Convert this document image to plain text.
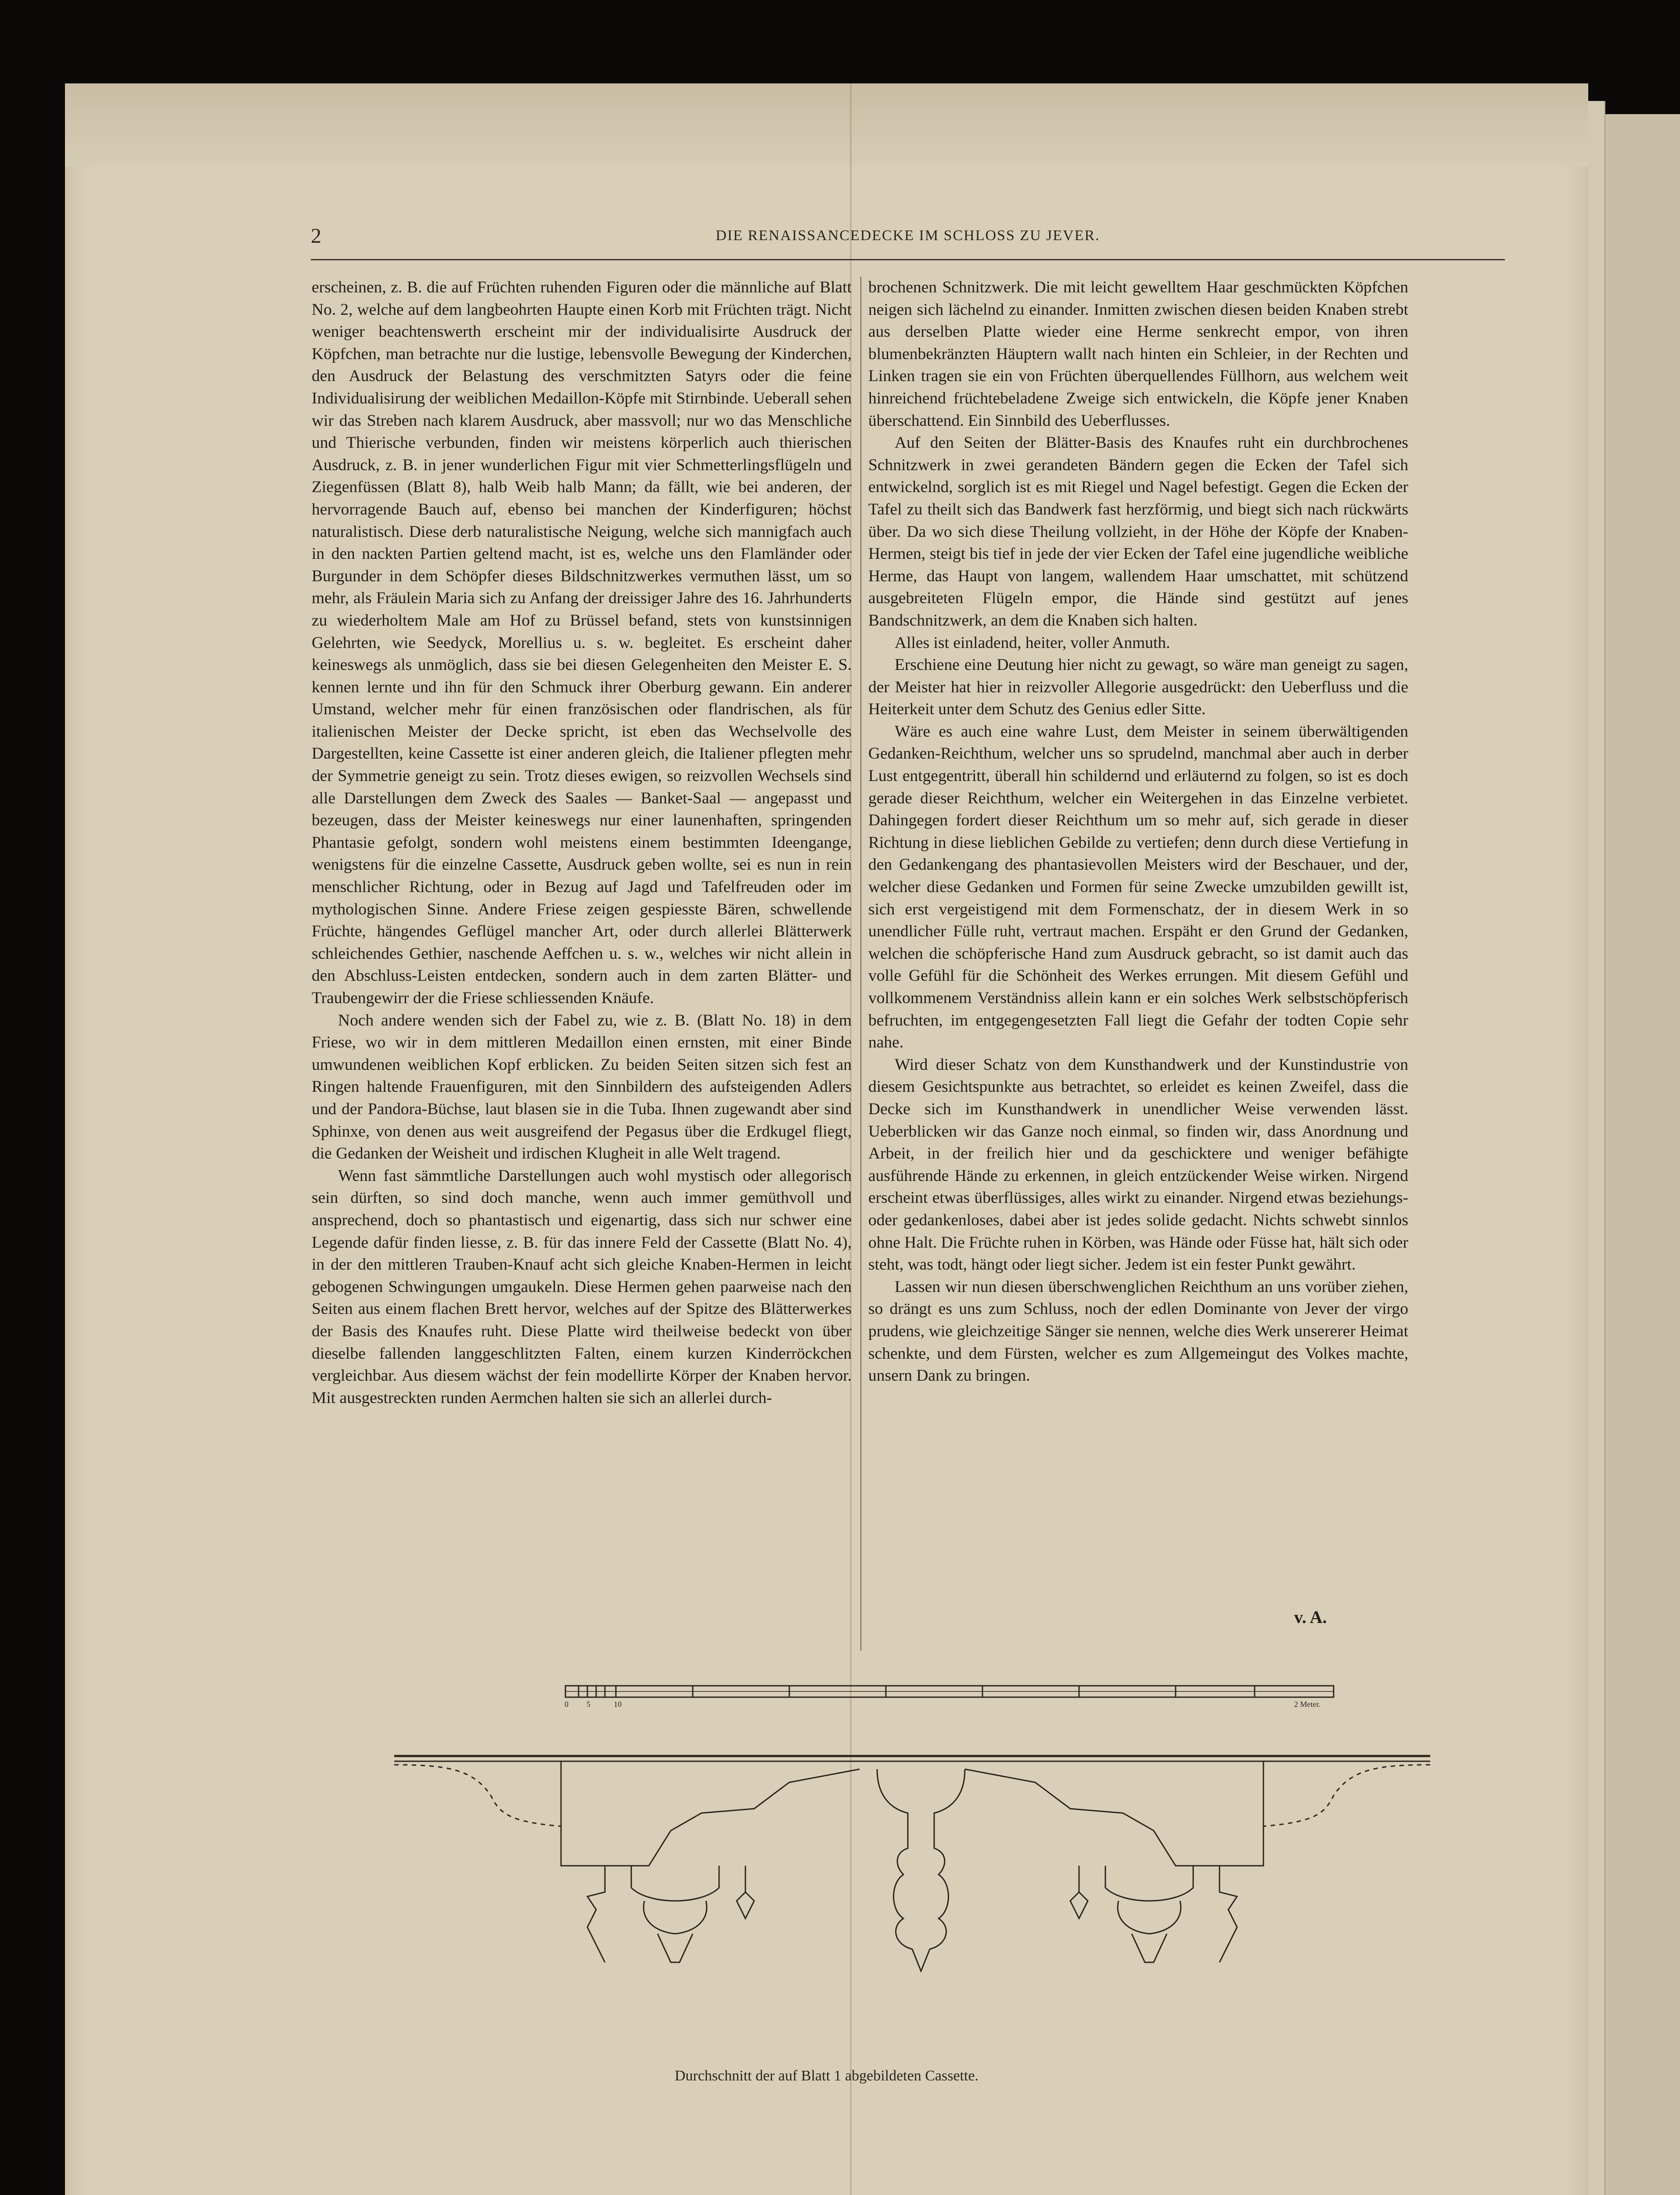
2	DIE RENAISSANCEDECKE IM SCHLOSS ZU JEVER.

erscheinen, z. B. die auf Früchten ruhenden Figuren oder die männliche auf Blatt No. 2, welche auf dem langbeohrten Haupte einen Korb mit Früchten trägt. Nicht weniger beachtenswerth erscheint mir der individualisirte Ausdruck der Köpfchen, man betrachte nur die lustige, lebensvolle Bewegung der Kinderchen, den Ausdruck der Belastung des verschmitzten Satyrs oder die feine Individualisirung der weiblichen Medaillon-Köpfe mit Stirnbinde. Ueberall sehen wir das Streben nach klarem Ausdruck, aber massvoll; nur wo das Menschliche und Thierische verbunden, finden wir meistens körperlich auch thierischen Ausdruck, z. B. in jener wunderlichen Figur mit vier Schmetterlingsflügeln und Ziegenfüssen (Blatt 8), halb Weib halb Mann; da fällt, wie bei anderen, der hervorragende Bauch auf, ebenso bei manchen der Kinderfiguren; höchst naturalistisch. Diese derb naturalistische Neigung, welche sich mannigfach auch in den nackten Partien geltend macht, ist es, welche uns den Flamländer oder Burgunder in dem Schöpfer dieses Bildschnitzwerkes vermuthen lässt, um so mehr, als Fräulein Maria sich zu Anfang der dreissiger Jahre des 16. Jahrhunderts zu wiederholtem Male am Hof zu Brüssel befand, stets von kunstsinnigen Gelehrten, wie Seedyck, Morellius u. s. w. begleitet. Es erscheint daher keineswegs als unmöglich, dass sie bei diesen Gelegenheiten den Meister E. S. kennen lernte und ihn für den Schmuck ihrer Oberburg gewann. Ein anderer Umstand, welcher mehr für einen französischen oder flandrischen, als für italienischen Meister der Decke spricht, ist eben das Wechselvolle des Dargestellten, keine Cassette ist einer anderen gleich, die Italiener pflegten mehr der Symmetrie geneigt zu sein. Trotz dieses ewigen, so reizvollen Wechsels sind alle Darstellungen dem Zweck des Saales — Banket-Saal — angepasst und bezeugen, dass der Meister keineswegs nur einer launenhaften, springenden Phantasie gefolgt, sondern wohl meistens einem bestimmten Ideengange, wenigstens für die einzelne Cassette, Ausdruck geben wollte, sei es nun in rein menschlicher Richtung, oder in Bezug auf Jagd und Tafelfreuden oder im mythologischen Sinne. Andere Friese zeigen gespiesste Bären, schwellende Früchte, hängendes Geflügel mancher Art, oder durch allerlei Blätterwerk schleichendes Gethier, naschende Aeffchen u. s. w., welches wir nicht allein in den Abschluss-Leisten entdecken, sondern auch in dem zarten Blätter- und Traubengewirr der die Friese schliessenden Knäufe.

Noch andere wenden sich der Fabel zu, wie z. B. (Blatt No. 18) in dem Friese, wo wir in dem mittleren Medaillon einen ernsten, mit einer Binde umwundenen weiblichen Kopf erblicken. Zu beiden Seiten sitzen sich fest an Ringen haltende Frauenfiguren, mit den Sinnbildern des aufsteigenden Adlers und der Pandora-Büchse, laut blasen sie in die Tuba. Ihnen zugewandt aber sind Sphinxe, von denen aus weit ausgreifend der Pegasus über die Erdkugel fliegt, die Gedanken der Weisheit und irdischen Klugheit in alle Welt tragend.

Wenn fast sämmtliche Darstellungen auch wohl mystisch oder allegorisch sein dürften, so sind doch manche, wenn auch immer gemüthvoll und ansprechend, doch so phantastisch und eigenartig, dass sich nur schwer eine Legende dafür finden liesse, z. B. für das innere Feld der Cassette (Blatt No. 4), in der den mittleren Trauben-Knauf acht sich gleiche Knaben-Hermen in leicht gebogenen Schwingungen umgaukeln. Diese Hermen gehen paarweise nach den Seiten aus einem flachen Brett hervor, welches auf der Spitze des Blätterwerkes der Basis des Knaufes ruht. Diese Platte wird theilweise bedeckt von über dieselbe fallenden langgeschlitzten Falten, einem kurzen Kinderröckchen vergleichbar. Aus diesem wächst der fein modellirte Körper der Knaben hervor. Mit ausgestreckten runden Aermchen halten sie sich an allerlei durch-

brochenen Schnitzwerk. Die mit leicht gewelltem Haar geschmückten Köpfchen neigen sich lächelnd zu einander. Inmitten zwischen diesen beiden Knaben strebt aus derselben Platte wieder eine Herme senkrecht empor, von ihren blumenbekränzten Häuptern wallt nach hinten ein Schleier, in der Rechten und Linken tragen sie ein von Früchten überquellendes Füllhorn, aus welchem weit hinreichend früchtebeladene Zweige sich entwickeln, die Köpfe jener Knaben überschattend. Ein Sinnbild des Ueberflusses.

Auf den Seiten der Blätter-Basis des Knaufes ruht ein durchbrochenes Schnitzwerk in zwei gerandeten Bändern gegen die Ecken der Tafel sich entwickelnd, sorglich ist es mit Riegel und Nagel befestigt. Gegen die Ecken der Tafel zu theilt sich das Bandwerk fast herzförmig, und biegt sich nach rückwärts über. Da wo sich diese Theilung vollzieht, in der Höhe der Köpfe der Knaben-Hermen, steigt bis tief in jede der vier Ecken der Tafel eine jugendliche weibliche Herme, das Haupt von langem, wallendem Haar umschattet, mit schützend ausgebreiteten Flügeln empor, die Hände sind gestützt auf jenes Bandschnitzwerk, an dem die Knaben sich halten.

Alles ist einladend, heiter, voller Anmuth.

Erschiene eine Deutung hier nicht zu gewagt, so wäre man geneigt zu sagen, der Meister hat hier in reizvoller Allegorie ausgedrückt: den Ueberfluss und die Heiterkeit unter dem Schutz des Genius edler Sitte.

Wäre es auch eine wahre Lust, dem Meister in seinem überwältigenden Gedanken-Reichthum, welcher uns so sprudelnd, manchmal aber auch in derber Lust entgegentritt, überall hin schildernd und erläuternd zu folgen, so ist es doch gerade dieser Reichthum, welcher ein Weitergehen in das Einzelne verbietet. Dahingegen fordert dieser Reichthum um so mehr auf, sich gerade in dieser Richtung in diese lieblichen Gebilde zu vertiefen; denn durch diese Vertiefung in den Gedankengang des phantasievollen Meisters wird der Beschauer, und der, welcher diese Gedanken und Formen für seine Zwecke umzubilden gewillt ist, sich erst vergeistigend mit dem Formenschatz, der in diesem Werk in so unendlicher Fülle ruht, vertraut machen. Erspäht er den Grund der Gedanken, welchen die schöpferische Hand zum Ausdruck gebracht, so ist damit auch das volle Gefühl für die Schönheit des Werkes errungen. Mit diesem Gefühl und vollkommenem Verständniss allein kann er ein solches Werk selbstschöpferisch befruchten, im entgegengesetzten Fall liegt die Gefahr der todten Copie sehr nahe.

Wird dieser Schatz von dem Kunsthandwerk und der Kunstindustrie von diesem Gesichtspunkte aus betrachtet, so erleidet es keinen Zweifel, dass die Decke sich im Kunsthandwerk in unendlicher Weise verwenden lässt. Ueberblicken wir das Ganze noch einmal, so finden wir, dass Anordnung und Arbeit, in der freilich hier und da geschicktere und weniger befähigte ausführende Hände zu erkennen, in gleich entzückender Weise wirken. Nirgend erscheint etwas überflüssiges, alles wirkt zu einander. Nirgend etwas beziehungs- oder gedankenloses, dabei aber ist jedes solide gedacht. Nichts schwebt sinnlos ohne Halt. Die Früchte ruhen in Körben, was Hände oder Füsse hat, hält sich oder steht, was todt, hängt oder liegt sicher. Jedem ist ein fester Punkt gewährt.

Lassen wir nun diesen überschwenglichen Reichthum an uns vorüber ziehen, so drängt es uns zum Schluss, noch der edlen Dominante von Jever der virgo prudens, wie gleichzeitige Sänger sie nennen, welche dies Werk unsererer Heimat schenkte, und dem Fürsten, welcher es zum Allgemeingut des Volkes machte, unsern Dank zu bringen.

v. A.
0 5	10	2 Meter.
Durchschnitt der auf Blatt 1 abgebildeten Cassette.
